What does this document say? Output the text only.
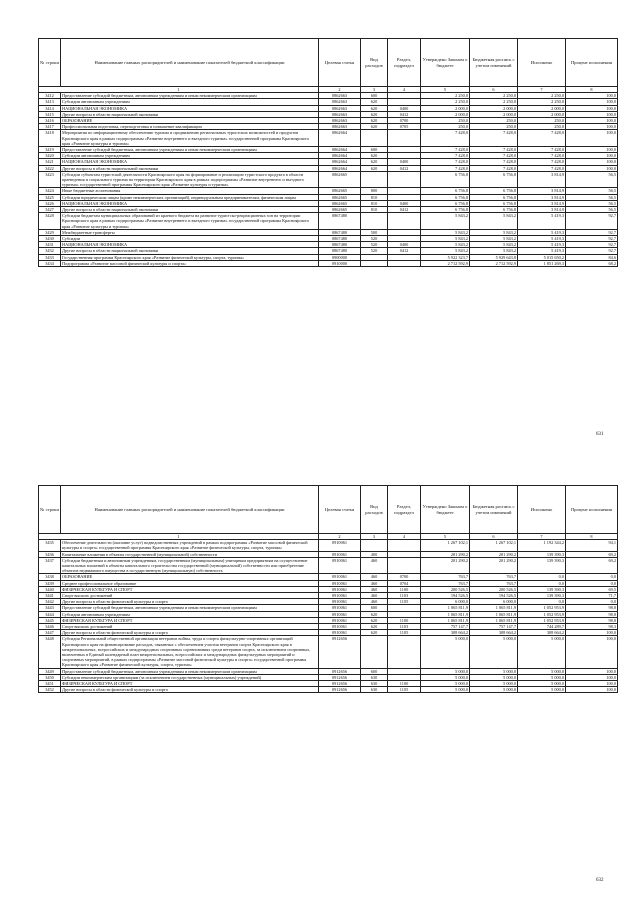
№ строки	Наименование главных распорядителей и наименование показателей бюджетной классификации	Целевая статья	Вид расходов	Раздел, подраздел	Утверждено Законом о бюджете	Бюджетная роспись с учетом изменений	Исполнено	Процент исполнения
1		2	3	4	5	6	7	8
3412	Предоставление субсидий бюджетным, автономным учреждениям и иным некоммерческим организациям	0862663	600		2 250,0	2 250,0	2 250,0	100,0
3413	Субсидии автономным учреждениям	0862663	620		2 250,0	2 250,0	2 250,0	100,0
3414	НАЦИОНАЛЬНАЯ ЭКОНОМИКА	0862663	620	0400	2 000,0	2 000,0	2 000,0	100,0
3415	Другие вопросы в области национальной экономики	0862663	620	0412	2 000,0	2 000,0	2 000,0	100,0
3416	ОБРАЗОВАНИЕ	0862663	620	0700	250,0	250,0	250,0	100,0
3417	Профессиональная подготовка, переподготовка и повышение квалификации	0862663	620	0705	250,0	250,0	250,0	100,0
3418	Мероприятия по информационному обеспечению туризма и продвижению региональных туристских возможностей и продуктов Красноярского края в рамках подпрограммы «Развитие внутреннего и въездного туризма» государственной программы Красноярского края «Развитие культуры и туризма»	0862664			7 428,0	7 428,0	7 428,0	100,0
3419	Предоставление субсидий бюджетным, автономным учреждениям и иным некоммерческим организациям	0862664	600		7 428,0	7 428,0	7 428,0	100,0
3420	Субсидии автономным учреждениям	0862664	620		7 428,0	7 428,0	7 428,0	100,0
3421	НАЦИОНАЛЬНАЯ ЭКОНОМИКА	0862664	620	0400	7 428,0	7 428,0	7 428,0	100,0
3422	Другие вопросы в области национальной экономики	0862664	620	0412	7 428,0	7 428,0	7 428,0	100,0
3423	Субсидии субъектам туристской деятельности Красноярского края на формирование и реализацию туристского продукта в области краеведения и социального туризма на территории Красноярского края в рамках подпрограммы «Развитие внутреннего и въездного туризма» государственной программы Красноярского края «Развитие культуры и туризма»	0862665			6 756,8	6 756,8	3 814,9	56,5
3424	Иные бюджетные ассигнования	0862665	800		6 756,8	6 756,8	3 814,9	56,5
3425	Субсидии юридическим лицам (кроме некоммерческих организаций), индивидуальным предпринимателям, физическим лицам	0862665	810		6 756,8	6 756,8	3 814,9	56,5
3426	НАЦИОНАЛЬНАЯ ЭКОНОМИКА	0862665	810	0400	6 756,8	6 756,8	3 814,9	56,5
3427	Другие вопросы в области национальной экономики	0862665	810	0412	6 756,8	6 756,8	3 814,9	56,5
3428	Субсидии бюджетам муниципальных образований из краевого бюджета на развитие туристско-рекреационных зон на территории Красноярского края в рамках подпрограммы «Развитие внутреннего и въездного туризма» государственной программы Красноярского края «Развитие культуры и туризма»	0867480			5 843,2	5 843,2	5 419,3	92,7
3429	Межбюджетные трансферты	0867480	500		5 843,2	5 843,2	5 419,3	92,7
3430	Субсидии	0867480	520		5 843,2	5 843,2	5 419,3	92,7
3431	НАЦИОНАЛЬНАЯ ЭКОНОМИКА	0867480	520	0400	5 843,2	5 843,2	5 419,3	92,7
3432	Другие вопросы в области национальной экономики	0867480	520	0412	5 843,2	5 843,2	5 419,3	92,7
3433	Государственная программа Красноярского края «Развитие физической культуры, спорта, туризма»	0900000			5 922 323,7	5 929 643,8	5 015 650,2	84,6
3434	Подпрограмма «Развитие массовой физической культуры и спорта»	0910000			2 712 592,9	2 712 592,9	1 851 269,3	68,2
631
№ строки	Наименование главных распорядителей и наименование показателей бюджетной классификации	Целевая статья	Вид расходов	Раздел, подраздел	Утверждено Законом о бюджете	Бюджетная роспись с учетом изменений	Исполнено	Процент исполнения
1		2	3	4	5	6	7	8
3435	Обеспечение деятельности (оказание услуг) подведомственных учреждений в рамках подпрограммы «Развитие массовой физической культуры и спорта» государственной программы Красноярского края «Развитие физической культуры, спорта, туризма»	0910061			1 267 102,1	1 267 102,1	1 192 344,2	94,1
3436	Капитальные вложения в объекты государственной (муниципальной) собственности	0910061	400		201 290,2	201 290,2	139 390,3	69,2
3437	Субсидии бюджетным и автономным учреждениям, государственным (муниципальным) унитарным предприятиям на осуществление капитальных вложений в объекты капитального строительства государственной (муниципальной) собственности или приобретение объектов недвижимого имущества в государственную (муниципальную) собственность	0910061	460		201 290,2	201 290,2	139 390,3	69,2
3438	ОБРАЗОВАНИЕ	0910061	460	0700	763,7	763,7	0,0	0,0
3439	Среднее профессиональное образование	0910061	460	0704	763,7	763,7	0,0	0,0
3440	ФИЗИЧЕСКАЯ КУЛЬТУРА И СПОРТ	0910061	460	1100	200 526,5	200 526,5	139 390,3	69,5
3441	Спорт высших достижений	0910061	460	1103	194 526,5	194 526,5	139 390,3	71,7
3442	Другие вопросы в области физической культуры и спорта	0910061	460	1105	6 000,0	6 000,0	0,0	0,0
3443	Предоставление субсидий бюджетным, автономным учреждениям и иным некоммерческим организациям	0910061	600		1 065 811,9	1 065 811,9	1 052 953,9	98,8
3444	Субсидии автономным учреждениям	0910061	620		1 065 811,9	1 065 811,9	1 052 953,9	98,8
3445	ФИЗИЧЕСКАЯ КУЛЬТУРА И СПОРТ	0910061	620	1100	1 065 811,9	1 065 811,9	1 052 953,9	98,8
3446	Спорт высших достижений	0910061	620	1103	757 147,7	757 147,7	744 289,7	98,3
3447	Другие вопросы в области физической культуры и спорта	0910061	620	1105	308 664,2	308 664,2	308 664,2	100,0
3448	Субсидия Региональной общественной организации ветеранов войны, труда и спорта физкультурно-спортивных организаций Красноярского края на финансирование расходов, связанных с обеспечением участия ветеранов спорта Красноярского края в межрегиональных, всероссийских и международных спортивных соревнованиях среди ветеранов спорта, за исключением спортивных, включенных в Единый календарный план межрегиональных, всероссийских и международных физкультурных мероприятий и спортивных мероприятий, в рамках подпрограммы «Развитие массовой физической культуры и спорта» государственной программы Красноярского края «Развитие физической культуры, спорта, туризма»	0912656			5 000,0	5 000,0	5 000,0	100,0
3449	Предоставление субсидий бюджетным, автономным учреждениям и иным некоммерческим организациям	0912656	600		5 000,0	5 000,0	5 000,0	100,0
3450	Субсидии некоммерческим организациям (за исключением государственных (муниципальных) учреждений)	0912656	630		5 000,0	5 000,0	5 000,0	100,0
3451	ФИЗИЧЕСКАЯ КУЛЬТУРА И СПОРТ	0912656	630	1100	5 000,0	5 000,0	5 000,0	100,0
3452	Другие вопросы в области физической культуры и спорта	0912656	630	1105	5 000,0	5 000,0	5 000,0	100,0
632
